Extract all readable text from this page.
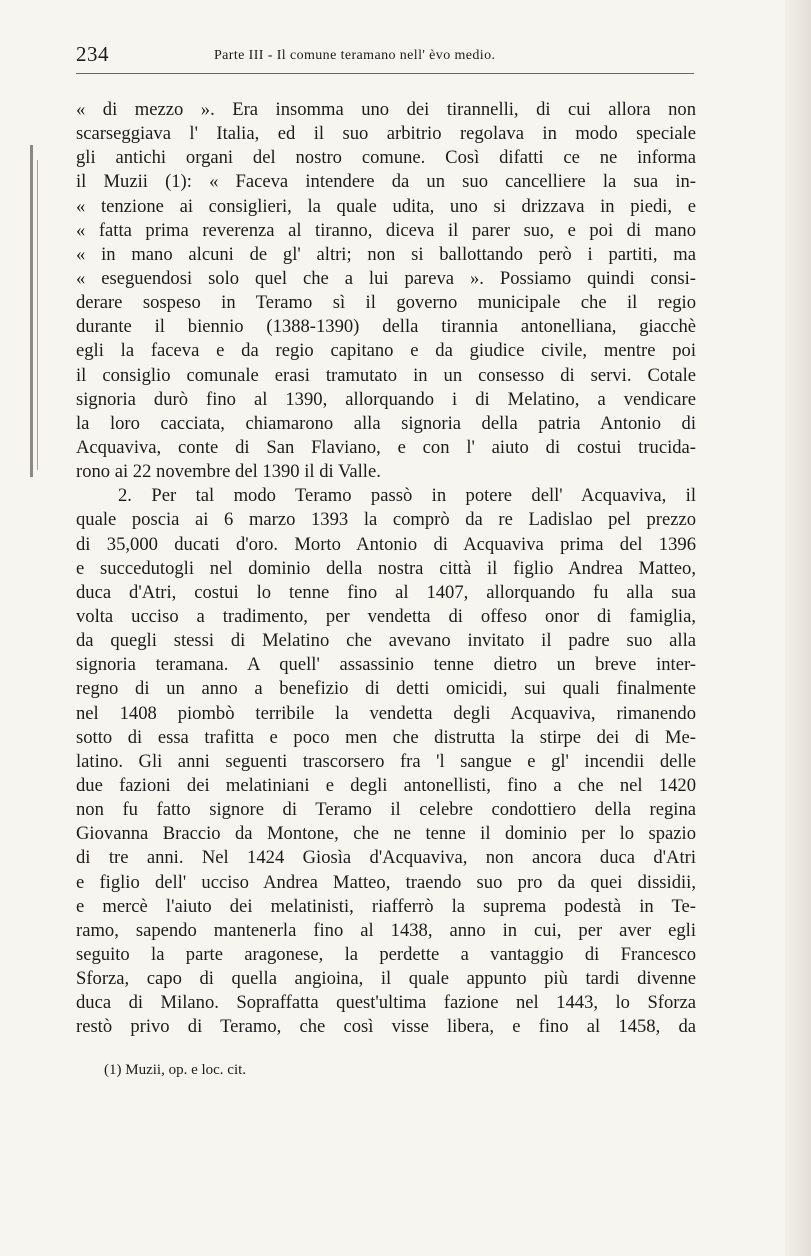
234	Parte III - Il comune teramano nell' èvo medio.
« di mezzo ». Era insomma uno dei tirannelli, di cui allora non
scarseggiava l' Italia, ed il suo arbitrio regolava in modo speciale
gli antichi organi del nostro comune. Così difatti ce ne informa
il Muzii (1): « Faceva intendere da un suo cancelliere la sua in-
« tenzione ai consiglieri, la quale udita, uno si drizzava in piedi, e
« fatta prima reverenza al tiranno, diceva il parer suo, e poi di mano
« in mano alcuni de gl' altri; non si ballottando però i partiti, ma
« eseguendosi solo quel che a lui pareva ». Possiamo quindi consi-
derare sospeso in Teramo sì il governo municipale che il regio
durante il biennio (1388-1390) della tirannia antonelliana, giacchè
egli la faceva e da regio capitano e da giudice civile, mentre poi
il consiglio comunale erasi tramutato in un consesso di servi. Cotale
signoria durò fino al 1390, allorquando i di Melatino, a vendicare
la loro cacciata, chiamarono alla signoria della patria Antonio di
Acquaviva, conte di San Flaviano, e con l' aiuto di costui trucida-
rono ai 22 novembre del 1390 il di Valle.
2. Per tal modo Teramo passò in potere dell' Acquaviva, il
quale poscia ai 6 marzo 1393 la comprò da re Ladislao pel prezzo
di 35,000 ducati d'oro. Morto Antonio di Acquaviva prima del 1396
e succedutogli nel dominio della nostra città il figlio Andrea Matteo,
duca d'Atri, costui lo tenne fino al 1407, allorquando fu alla sua
volta ucciso a tradimento, per vendetta di offeso onor di famiglia,
da quegli stessi di Melatino che avevano invitato il padre suo alla
signoria teramana. A quell' assassinio tenne dietro un breve inter-
regno di un anno a benefizio di detti omicidi, sui quali finalmente
nel 1408 piombò terribile la vendetta degli Acquaviva, rimanendo
sotto di essa trafitta e poco men che distrutta la stirpe dei di Me-
latino. Gli anni seguenti trascorsero fra 'l sangue e gl' incendii delle
due fazioni dei melatiniani e degli antonellisti, fino a che nel 1420
non fu fatto signore di Teramo il celebre condottiero della regina
Giovanna Braccio da Montone, che ne tenne il dominio per lo spazio
di tre anni. Nel 1424 Giosìa d'Acquaviva, non ancora duca d'Atri
e figlio dell' ucciso Andrea Matteo, traendo suo pro da quei dissidii,
e mercè l'aiuto dei melatinisti, riafferrò la suprema podestà in Te-
ramo, sapendo mantenerla fino al 1438, anno in cui, per aver egli
seguito la parte aragonese, la perdette a vantaggio di Francesco
Sforza, capo di quella angioina, il quale appunto più tardi divenne
duca di Milano. Sopraffatta quest'ultima fazione nel 1443, lo Sforza
restò privo di Teramo, che così visse libera, e fino al 1458, da
(1) Muzii, op. e loc. cit.
